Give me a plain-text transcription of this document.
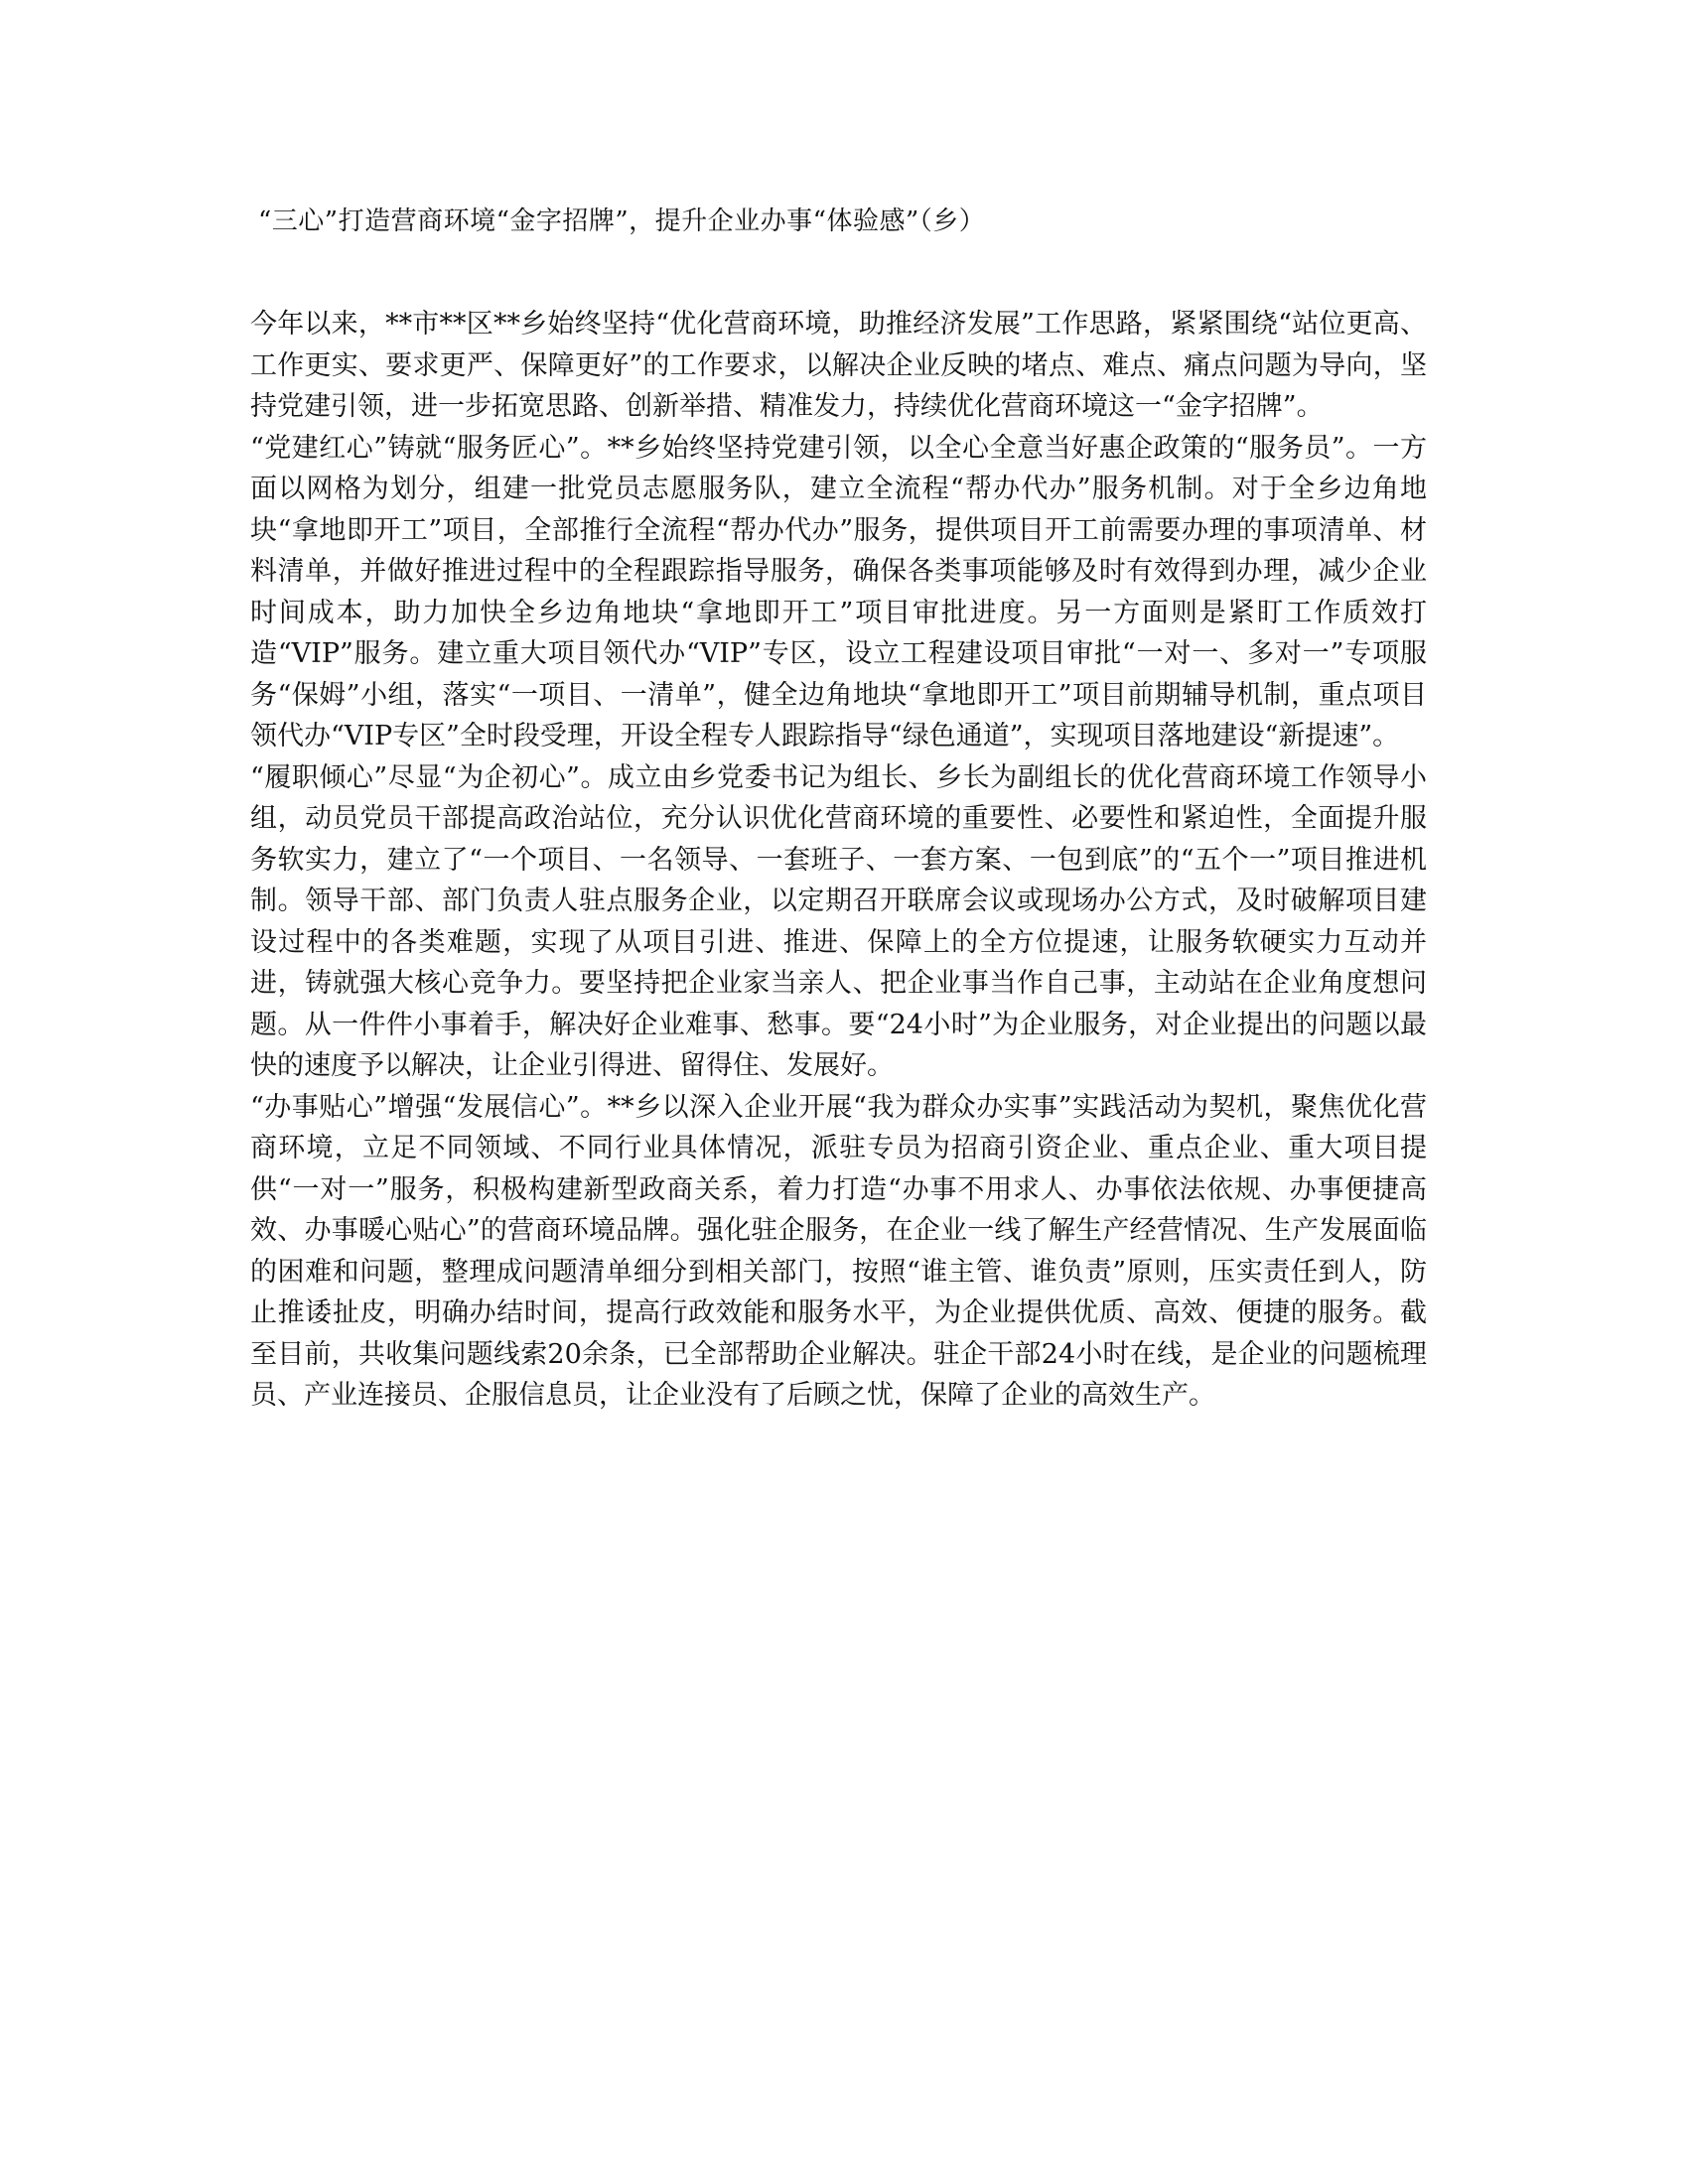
“三心”打造营商环境“金字招牌”，提升企业办事“体验感”（乡）

今年以来，**市**区**乡始终坚持“优化营商环境，助推经济发展”工作思路，紧紧围绕“站位更高、工作更实、要求更严、保障更好”的工作要求，以解决企业反映的堵点、难点、痛点问题为导向，坚持党建引领，进一步拓宽思路、创新举措、精准发力，持续优化营商环境这一“金字招牌”。

“党建红心”铸就“服务匠心”。**乡始终坚持党建引领，以全心全意当好惠企政策的“服务员”。一方面以网格为划分，组建一批党员志愿服务队，建立全流程“帮办代办”服务机制。对于全乡边角地块“拿地即开工”项目，全部推行全流程“帮办代办”服务，提供项目开工前需要办理的事项清单、材料清单，并做好推进过程中的全程跟踪指导服务，确保各类事项能够及时有效得到办理，减少企业时间成本，助力加快全乡边角地块“拿地即开工”项目审批进度。另一方面则是紧盯工作质效打造“VIP”服务。建立重大项目领代办“VIP”专区，设立工程建设项目审批“一对一、多对一”专项服务“保姆”小组，落实“一项目、一清单”，健全边角地块“拿地即开工”项目前期辅导机制，重点项目领代办“VIP专区”全时段受理，开设全程专人跟踪指导“绿色通道”，实现项目落地建设“新提速”。

“履职倾心”尽显“为企初心”。成立由乡党委书记为组长、乡长为副组长的优化营商环境工作领导小组，动员党员干部提高政治站位，充分认识优化营商环境的重要性、必要性和紧迫性，全面提升服务软实力，建立了“一个项目、一名领导、一套班子、一套方案、一包到底”的“五个一”项目推进机制。领导干部、部门负责人驻点服务企业，以定期召开联席会议或现场办公方式，及时破解项目建设过程中的各类难题，实现了从项目引进、推进、保障上的全方位提速，让服务软硬实力互动并进，铸就强大核心竞争力。要坚持把企业家当亲人、把企业事当作自己事，主动站在企业角度想问题。从一件件小事着手，解决好企业难事、愁事。要“24小时”为企业服务，对企业提出的问题以最快的速度予以解决，让企业引得进、留得住、发展好。

“办事贴心”增强“发展信心”。**乡以深入企业开展“我为群众办实事”实践活动为契机，聚焦优化营商环境，立足不同领域、不同行业具体情况，派驻专员为招商引资企业、重点企业、重大项目提供“一对一”服务，积极构建新型政商关系，着力打造“办事不用求人、办事依法依规、办事便捷高效、办事暖心贴心”的营商环境品牌。强化驻企服务，在企业一线了解生产经营情况、生产发展面临的困难和问题，整理成问题清单细分到相关部门，按照“谁主管、谁负责”原则，压实责任到人，防止推诿扯皮，明确办结时间，提高行政效能和服务水平，为企业提供优质、高效、便捷的服务。截至目前，共收集问题线索20余条，已全部帮助企业解决。驻企干部24小时在线，是企业的问题梳理员、产业连接员、企服信息员，让企业没有了后顾之忧，保障了企业的高效生产。
